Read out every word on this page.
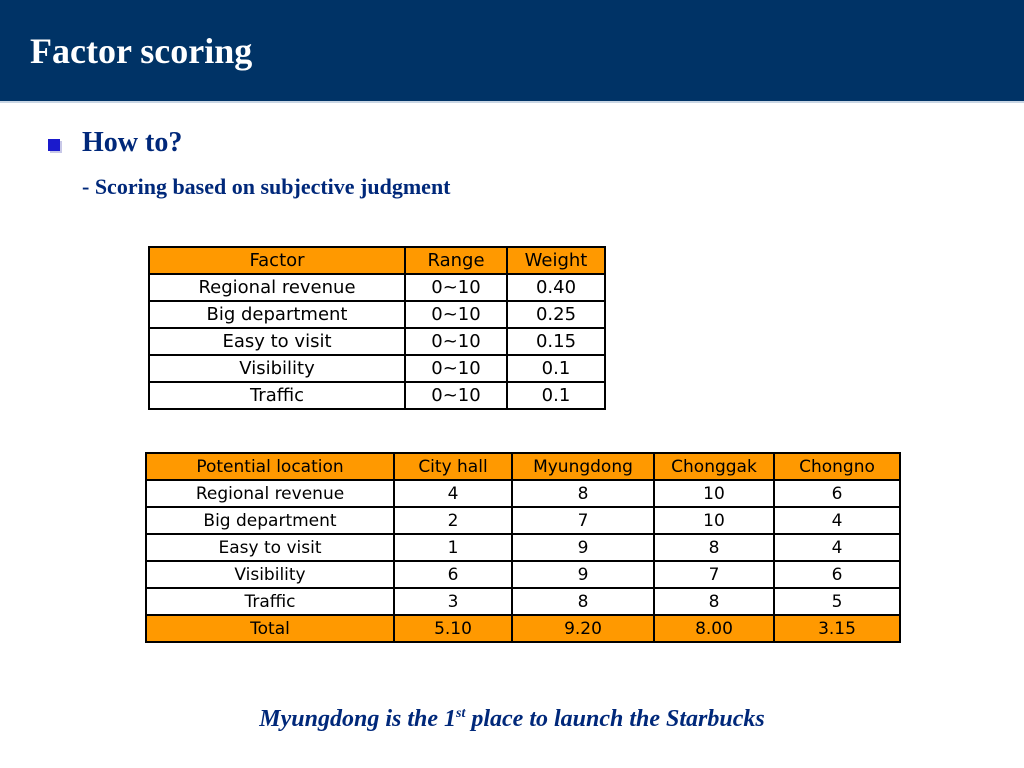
Factor scoring
How to?
- Scoring based on subjective judgment
Factor	Range	Weight
Regional revenue	0~10	0.40
Big department	0~10	0.25
Easy to visit	0~10	0.15
Visibility	0~10	0.1
Traffic	0~10	0.1
Potential location	City hall	Myungdong	Chonggak	Chongno
Regional revenue	4	8	10	6
Big department	2	7	10	4
Easy to visit	1	9	8	4
Visibility	6	9	7	6
Traffic	3	8	8	5
Total	5.10	9.20	8.00	3.15
Myungdong is the 1st place to launch the Starbucks
